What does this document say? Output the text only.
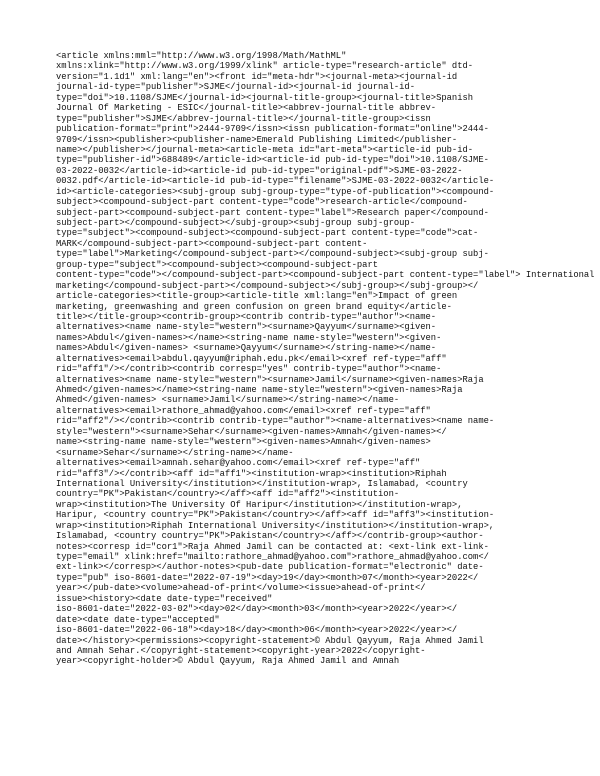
<article xmlns:mml="http://www.w3.org/1998/Math/MathML"
xmlns:xlink="http://www.w3.org/1999/xlink" article-type="research-article" dtd-
version="1.1d1" xml:lang="en"><front id="meta-hdr"><journal-meta><journal-id
journal-id-type="publisher">SJME</journal-id><journal-id journal-id-
type="doi">10.1108/SJME</journal-id><journal-title-group><journal-title>Spanish
Journal Of Marketing - ESIC</journal-title><abbrev-journal-title abbrev-
type="publisher">SJME</abbrev-journal-title></journal-title-group><issn
publication-format="print">2444-9709</issn><issn publication-format="online">2444-
9709</issn><publisher><publisher-name>Emerald Publishing Limited</publisher-
name></publisher></journal-meta><article-meta id="art-meta"><article-id pub-id-
type="publisher-id">688489</article-id><article-id pub-id-type="doi">10.1108/SJME-
03-2022-0032</article-id><article-id pub-id-type="original-pdf">SJME-03-2022-
0032.pdf</article-id><article-id pub-id-type="filename">SJME-03-2022-0032</article-
id><article-categories><subj-group subj-group-type="type-of-publication"><compound-
subject><compound-subject-part content-type="code">research-article</compound-
subject-part><compound-subject-part content-type="label">Research paper</compound-
subject-part></compound-subject></subj-group><subj-group subj-group-
type="subject"><compound-subject><compound-subject-part content-type="code">cat-
MARK</compound-subject-part><compound-subject-part content-
type="label">Marketing</compound-subject-part></compound-subject><subj-group subj-
group-type="subject"><compound-subject><compound-subject-part
content-type="code"></compound-subject-part><compound-subject-part content-type="label"> International
marketing</compound-subject-part></compound-subject></subj-group></subj-group></
article-categories><title-group><article-title xml:lang="en">Impact of green
marketing, greenwashing and green confusion on green brand equity</article-
title></title-group><contrib-group><contrib contrib-type="author"><name-
alternatives><name name-style="western"><surname>Qayyum</surname><given-
names>Abdul</given-names></name><string-name name-style="western"><given-
names>Abdul</given-names> <surname>Qayyum</surname></string-name></name-
alternatives><email>abdul.qayyum@riphah.edu.pk</email><xref ref-type="aff"
rid="aff1"/></contrib><contrib corresp="yes" contrib-type="author"><name-
alternatives><name name-style="western"><surname>Jamil</surname><given-names>Raja
Ahmed</given-names></name><string-name name-style="western"><given-names>Raja
Ahmed</given-names> <surname>Jamil</surname></string-name></name-
alternatives><email>rathore_ahmad@yahoo.com</email><xref ref-type="aff"
rid="aff2"/></contrib><contrib contrib-type="author"><name-alternatives><name name-
style="western"><surname>Sehar</surname><given-names>Amnah</given-names></
name><string-name name-style="western"><given-names>Amnah</given-names>
<surname>Sehar</surname></string-name></name-
alternatives><email>amnah.sehar@yahoo.com</email><xref ref-type="aff"
rid="aff3"/></contrib><aff id="aff1"><institution-wrap><institution>Riphah
International University</institution></institution-wrap>, Islamabad, <country
country="PK">Pakistan</country></aff><aff id="aff2"><institution-
wrap><institution>The University Of Haripur</institution></institution-wrap>,
Haripur, <country country="PK">Pakistan</country></aff><aff id="aff3"><institution-
wrap><institution>Riphah International University</institution></institution-wrap>,
Islamabad, <country country="PK">Pakistan</country></aff></contrib-group><author-
notes><corresp id="cor1">Raja Ahmed Jamil can be contacted at: <ext-link ext-link-
type="email" xlink:href="mailto:rathore_ahmad@yahoo.com">rathore_ahmad@yahoo.com</
ext-link></corresp></author-notes><pub-date publication-format="electronic" date-
type="pub" iso-8601-date="2022-07-19"><day>19</day><month>07</month><year>2022</
year></pub-date><volume>ahead-of-print</volume><issue>ahead-of-print</
issue><history><date date-type="received"
iso-8601-date="2022-03-02"><day>02</day><month>03</month><year>2022</year></
date><date date-type="accepted"
iso-8601-date="2022-06-18"><day>18</day><month>06</month><year>2022</year></
date></history><permissions><copyright-statement>© Abdul Qayyum, Raja Ahmed Jamil
and Amnah Sehar.</copyright-statement><copyright-year>2022</copyright-
year><copyright-holder>© Abdul Qayyum, Raja Ahmed Jamil and Amnah
